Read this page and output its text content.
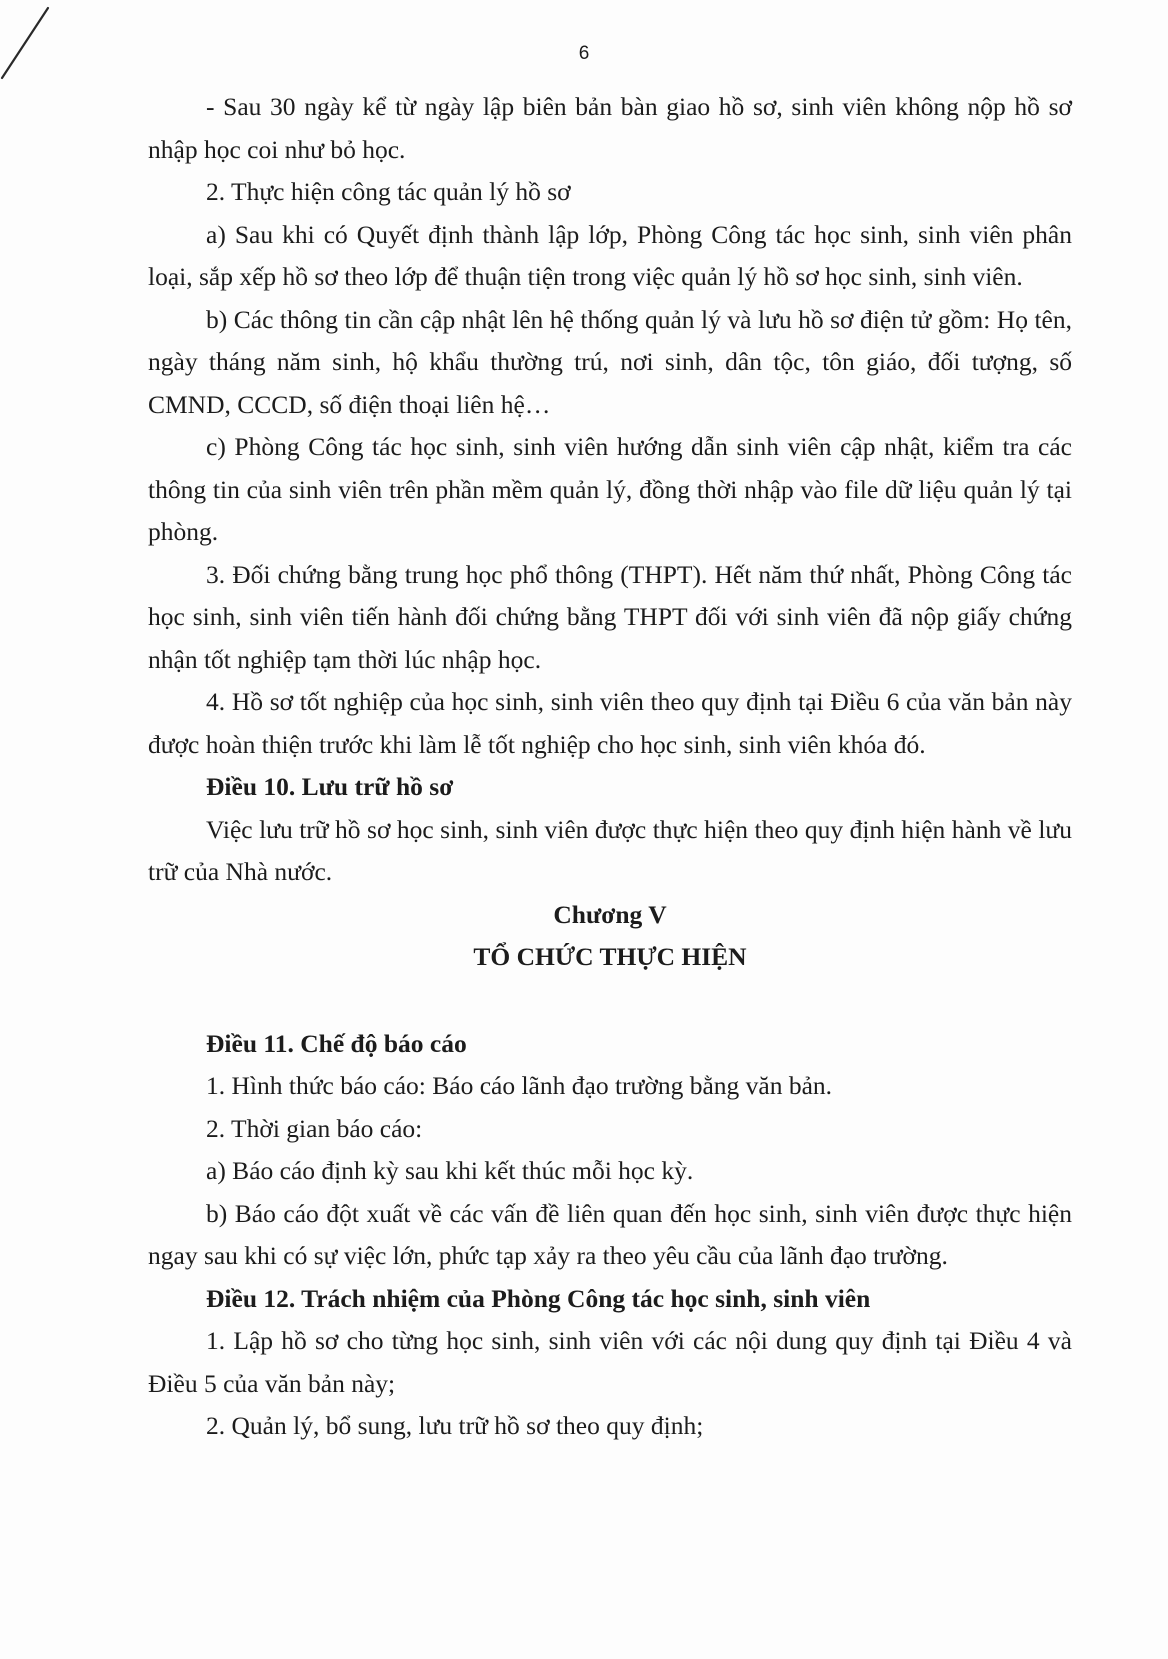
6

- Sau 30 ngày kể từ ngày lập biên bản bàn giao hồ sơ, sinh viên không nộp hồ sơ nhập học coi như bỏ học.

2. Thực hiện công tác quản lý hồ sơ

a) Sau khi có Quyết định thành lập lớp, Phòng Công tác học sinh, sinh viên phân loại, sắp xếp hồ sơ theo lớp để thuận tiện trong việc quản lý hồ sơ học sinh, sinh viên.

b) Các thông tin cần cập nhật lên hệ thống quản lý và lưu hồ sơ điện tử gồm: Họ tên, ngày tháng năm sinh, hộ khẩu thường trú, nơi sinh, dân tộc, tôn giáo, đối tượng, số CMND, CCCD, số điện thoại liên hệ…

c) Phòng Công tác học sinh, sinh viên hướng dẫn sinh viên cập nhật, kiểm tra các thông tin của sinh viên trên phần mềm quản lý, đồng thời nhập vào file dữ liệu quản lý tại phòng.

3. Đối chứng bằng trung học phổ thông (THPT). Hết năm thứ nhất, Phòng Công tác học sinh, sinh viên tiến hành đối chứng bằng THPT đối với sinh viên đã nộp giấy chứng nhận tốt nghiệp tạm thời lúc nhập học.

4. Hồ sơ tốt nghiệp của học sinh, sinh viên theo quy định tại Điều 6 của văn bản này được hoàn thiện trước khi làm lễ tốt nghiệp cho học sinh, sinh viên khóa đó.

Điều 10. Lưu trữ hồ sơ

Việc lưu trữ hồ sơ học sinh, sinh viên được thực hiện theo quy định hiện hành về lưu trữ của Nhà nước.

Chương V

TỔ CHỨC THỰC HIỆN

Điều 11. Chế độ báo cáo

1. Hình thức báo cáo: Báo cáo lãnh đạo trường bằng văn bản.

2. Thời gian báo cáo:

a) Báo cáo định kỳ sau khi kết thúc mỗi học kỳ.

b) Báo cáo đột xuất về các vấn đề liên quan đến học sinh, sinh viên được thực hiện ngay sau khi có sự việc lớn, phức tạp xảy ra theo yêu cầu của lãnh đạo trường.

Điều 12. Trách nhiệm của Phòng Công tác học sinh, sinh viên

1. Lập hồ sơ cho từng học sinh, sinh viên với các nội dung quy định tại Điều 4 và Điều 5 của văn bản này;

2. Quản lý, bổ sung, lưu trữ hồ sơ theo quy định;
